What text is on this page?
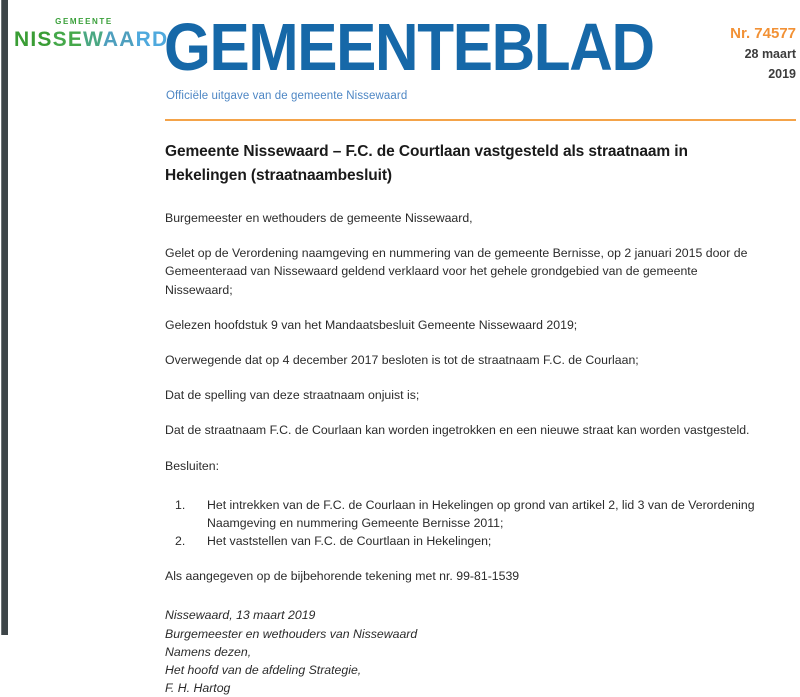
GEMEENTE
NISSEWAARD
GEMEENTEBLAD
Officiële uitgave van de gemeente Nissewaard
Nr. 74577
28 maart
2019
Gemeente Nissewaard – F.C. de Courtlaan vastgesteld als straatnaam in Hekelingen (straatnaambesluit)

Burgemeester en wethouders de gemeente Nissewaard,

Gelet op de Verordening naamgeving en nummering van de gemeente Bernisse, op 2 januari 2015 door de Gemeenteraad van Nissewaard geldend verklaard voor het gehele grondgebied van de gemeente Nissewaard;

Gelezen hoofdstuk 9 van het Mandaatsbesluit Gemeente Nissewaard 2019;

Overwegende dat op 4 december 2017 besloten is tot de straatnaam F.C. de Courlaan;

Dat de spelling van deze straatnaam onjuist is;

Dat de straatnaam F.C. de Courlaan kan worden ingetrokken en een nieuwe straat kan worden vastgesteld.

Besluiten:

1. Het intrekken van de F.C. de Courlaan in Hekelingen op grond van artikel 2, lid 3 van de Verordening Naamgeving en nummering Gemeente Bernisse 2011;
2. Het vaststellen van F.C. de Courtlaan in Hekelingen;

Als aangegeven op de bijbehorende tekening met nr. 99-81-1539

Nissewaard, 13 maart 2019
Burgemeester en wethouders van Nissewaard
Namens dezen,
Het hoofd van de afdeling Strategie,
F. H. Hartog
